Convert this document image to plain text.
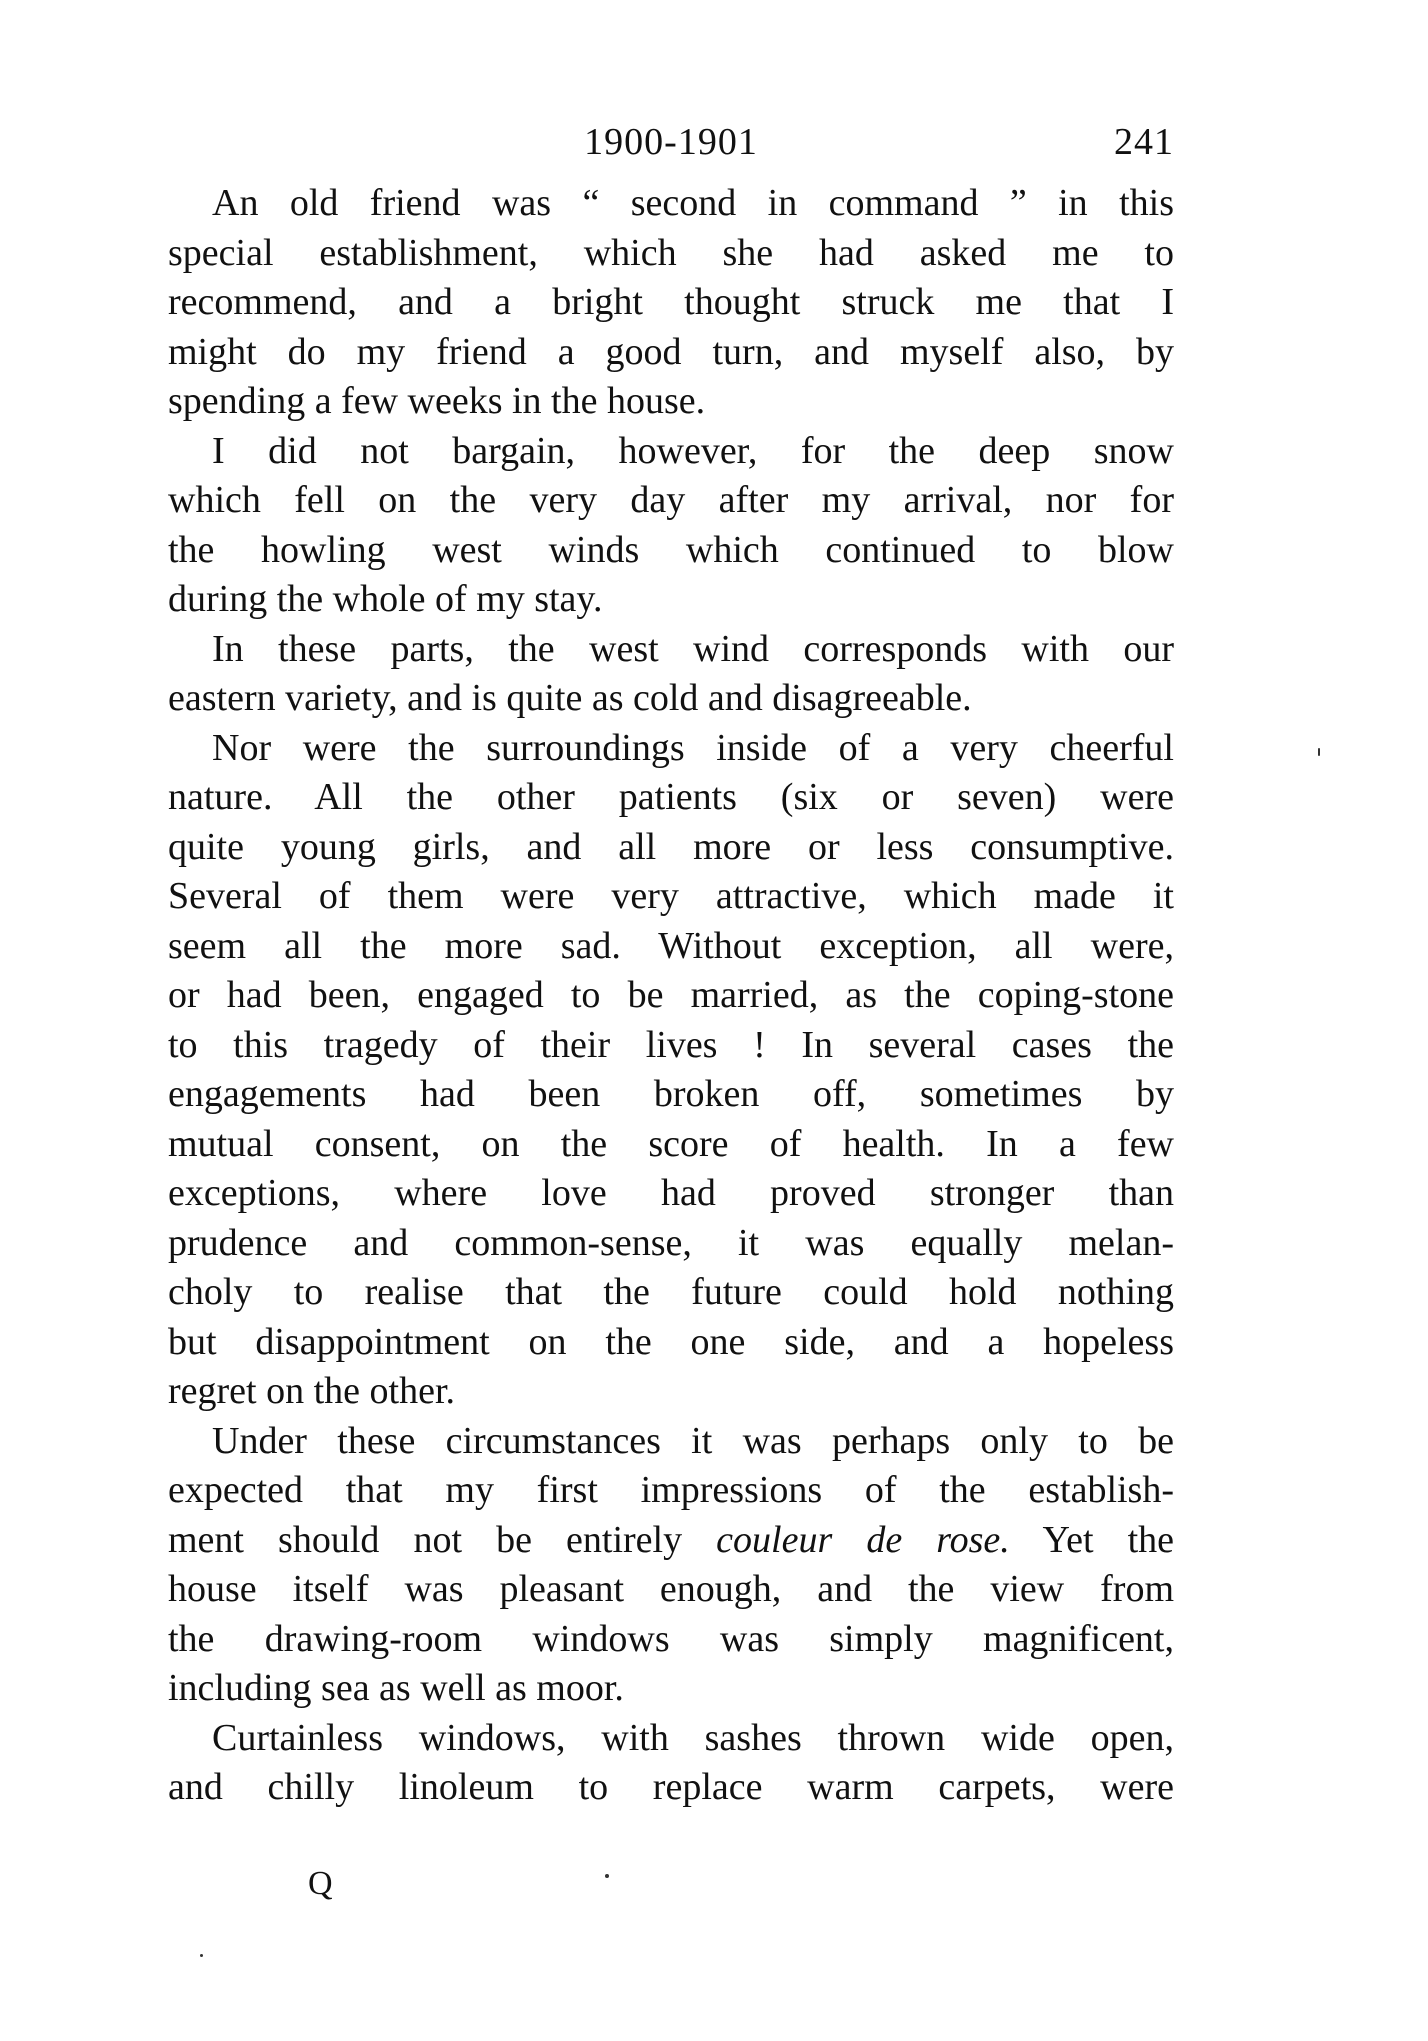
1900-1901	241

An old friend was “ second in command ” in this
special establishment, which she had asked me to
recommend, and a bright thought struck me that I
might do my friend a good turn, and myself also, by
spending a few weeks in the house.

I did not bargain, however, for the deep snow
which fell on the very day after my arrival, nor for
the howling west winds which continued to blow
during the whole of my stay.

In these parts, the west wind corresponds with our
eastern variety, and is quite as cold and disagreeable.

Nor were the surroundings inside of a very cheerful
nature. All the other patients (six or seven) were
quite young girls, and all more or less consumptive.
Several of them were very attractive, which made it
seem all the more sad. Without exception, all were,
or had been, engaged to be married, as the coping-stone
to this tragedy of their lives ! In several cases the
engagements had been broken off, sometimes by
mutual consent, on the score of health. In a few
exceptions, where love had proved stronger than
prudence and common-sense, it was equally melan-
choly to realise that the future could hold nothing
but disappointment on the one side, and a hopeless
regret on the other.

Under these circumstances it was perhaps only to be
expected that my first impressions of the establish-
ment should not be entirely couleur de rose. Yet the
house itself was pleasant enough, and the view from
the drawing-room windows was simply magnificent,
including sea as well as moor.

Curtainless windows, with sashes thrown wide open,
and chilly linoleum to replace warm carpets, were

Q
